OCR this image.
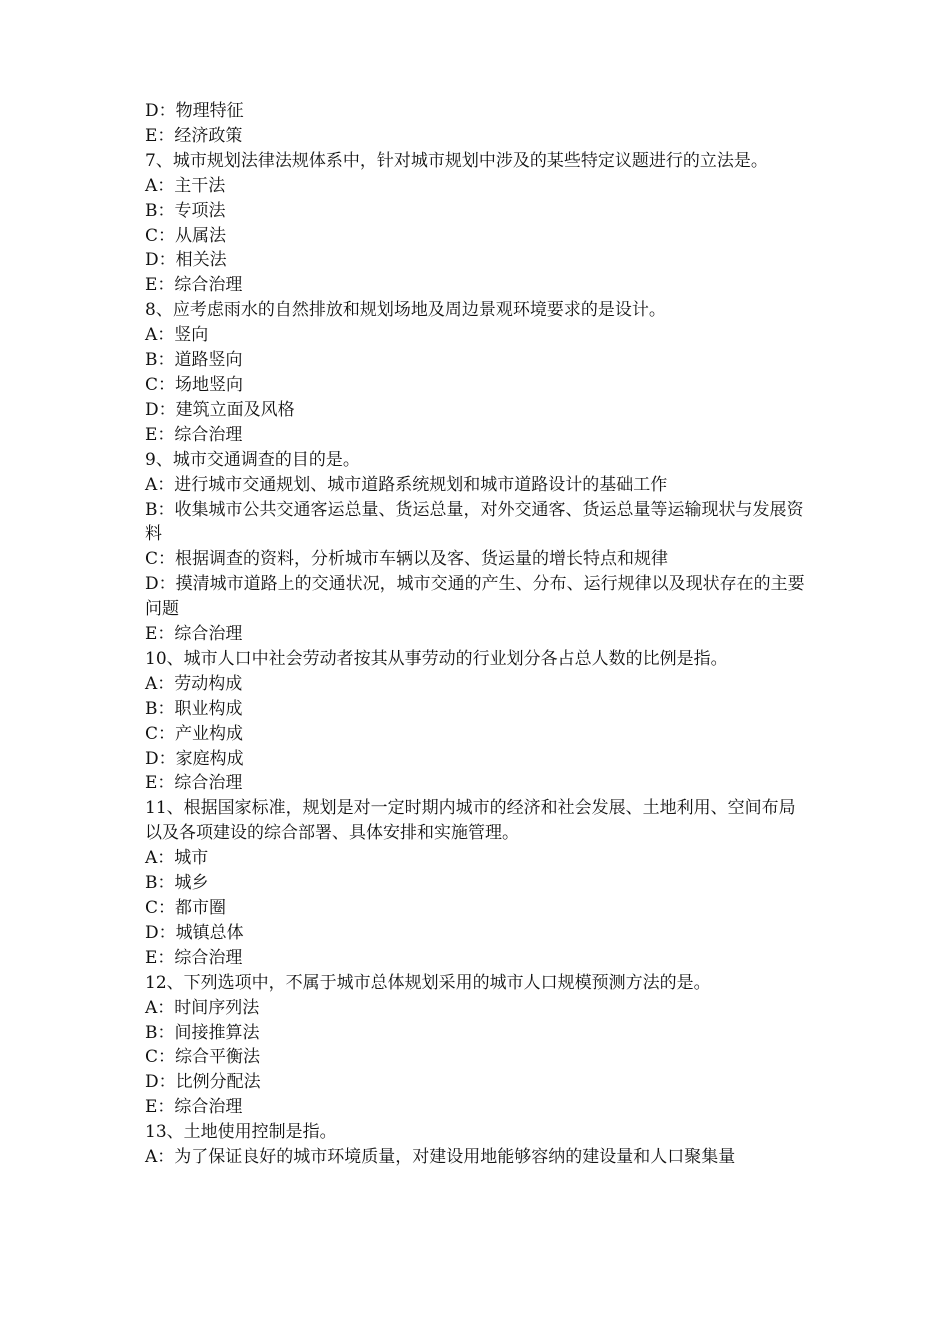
D：物理特征

E：经济政策

7、城市规划法律法规体系中，针对城市规划中涉及的某些特定议题进行的立法是。

A：主干法

B：专项法

C：从属法

D：相关法

E：综合治理

8、应考虑雨水的自然排放和规划场地及周边景观环境要求的是设计。

A：竖向

B：道路竖向

C：场地竖向

D：建筑立面及风格

E：综合治理

9、城市交通调查的目的是。

A：进行城市交通规划、城市道路系统规划和城市道路设计的基础工作

B：收集城市公共交通客运总量、货运总量，对外交通客、货运总量等运输现状与发展资料

C：根据调查的资料，分析城市车辆以及客、货运量的增长特点和规律

D：摸清城市道路上的交通状况，城市交通的产生、分布、运行规律以及现状存在的主要问题

E：综合治理

10、城市人口中社会劳动者按其从事劳动的行业划分各占总人数的比例是指。

A：劳动构成

B：职业构成

C：产业构成

D：家庭构成

E：综合治理

11、根据国家标准，规划是对一定时期内城市的经济和社会发展、土地利用、空间布局以及各项建设的综合部署、具体安排和实施管理。

A：城市

B：城乡

C：都市圈

D：城镇总体

E：综合治理

12、下列选项中，不属于城市总体规划采用的城市人口规模预测方法的是。

A：时间序列法

B：间接推算法

C：综合平衡法

D：比例分配法

E：综合治理

13、土地使用控制是指。

A：为了保证良好的城市环境质量，对建设用地能够容纳的建设量和人口聚集量
